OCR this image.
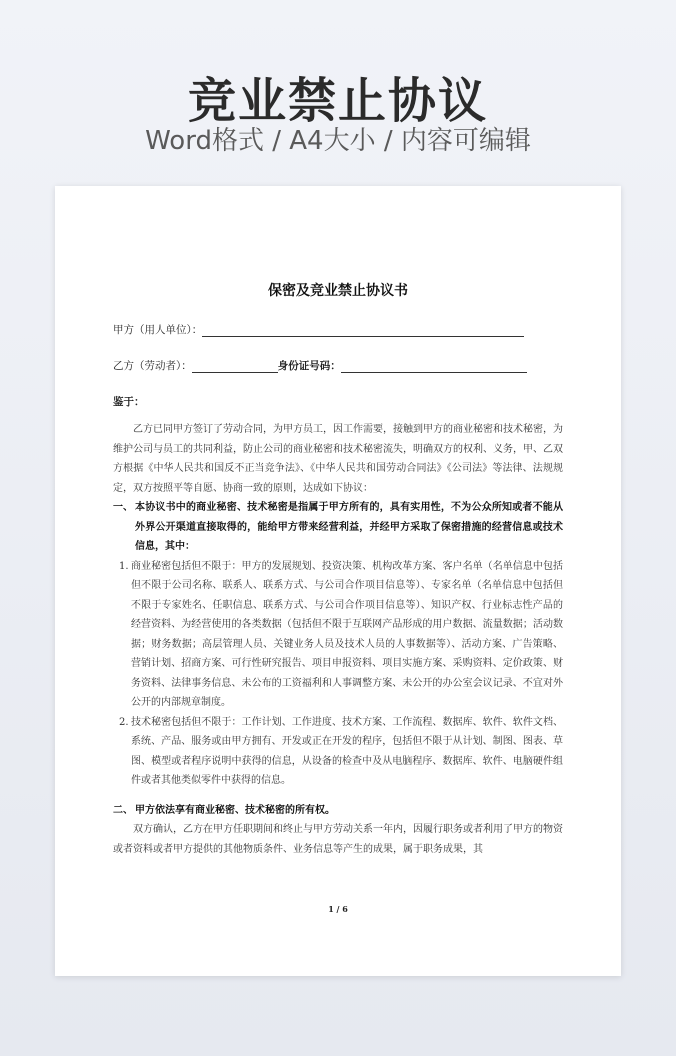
竞业禁止协议
Word格式 / A4大小 / 内容可编辑
保密及竞业禁止协议书
甲方（用人单位）：
乙方（劳动者）：	身份证号码：
鉴于：

乙方已同甲方签订了劳动合同，为甲方员工，因工作需要，接触到甲方的商业秘密和技术秘密，为维护公司与员工的共同利益，防止公司的商业秘密和技术秘密流失，明确双方的权利、义务，甲、乙双方根据《中华人民共和国反不正当竞争法》、《中华人民共和国劳动合同法》《公司法》等法律、法规规定，双方按照平等自愿、协商一致的原则，达成如下协议：

一、 本协议书中的商业秘密、技术秘密是指属于甲方所有的，具有实用性，不为公众所知或者不能从外界公开渠道直接取得的，能给甲方带来经营利益，并经甲方采取了保密措施的经营信息或技术信息，其中：

1. 商业秘密包括但不限于：甲方的发展规划、投资决策、机构改革方案、客户名单（名单信息中包括但不限于公司名称、联系人、联系方式、与公司合作项目信息等）、专家名单（名单信息中包括但不限于专家姓名、任职信息、联系方式、与公司合作项目信息等）、知识产权、行业标志性产品的经营资料、为经营使用的各类数据（包括但不限于互联网产品形成的用户数据、流量数据；活动数据；财务数据；高层管理人员、关键业务人员及技术人员的人事数据等）、活动方案、广告策略、营销计划、招商方案、可行性研究报告、项目申报资料、项目实施方案、采购资料、定价政策、财务资料、法律事务信息、未公布的工资福利和人事调整方案、未公开的办公室会议记录、不宜对外公开的内部规章制度。

2. 技术秘密包括但不限于：工作计划、工作进度、技术方案、工作流程、数据库、软件、软件文档、系统、产品、服务或由甲方拥有、开发或正在开发的程序，包括但不限于从计划、制图、图表、草图、模型或者程序说明中获得的信息，从设备的检查中及从电脑程序、数据库、软件、电脑硬件组件或者其他类似零件中获得的信息。

二、 甲方依法享有商业秘密、技术秘密的所有权。

双方确认，乙方在甲方任职期间和终止与甲方劳动关系一年内，因履行职务或者利用了甲方的物资或者资料或者甲方提供的其他物质条件、业务信息等产生的成果，属于职务成果，其

1 / 6
